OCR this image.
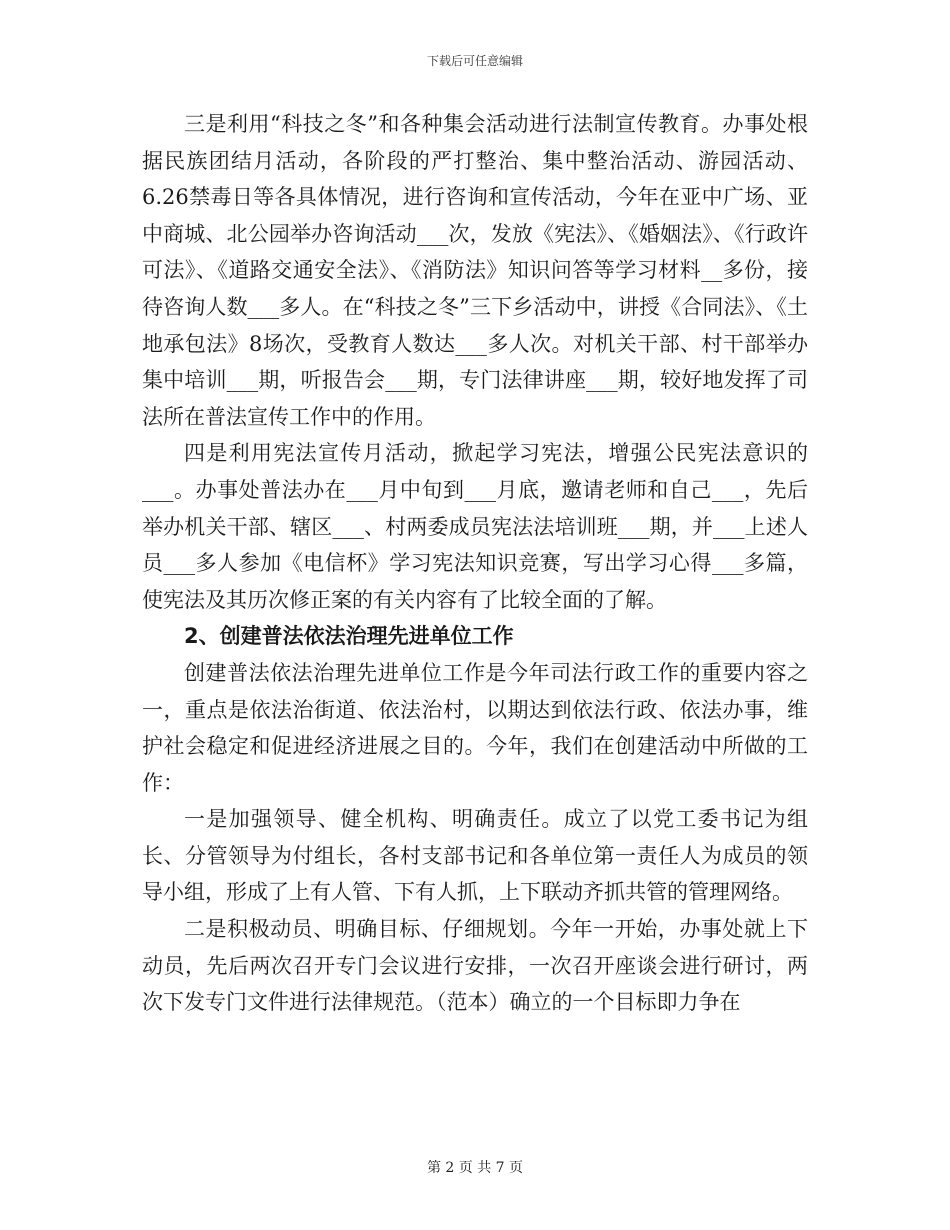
下载后可任意编辑

三是利用“科技之冬”和各种集会活动进行法制宣传教育。办事处根据民族团结月活动，各阶段的严打整治、集中整治活动、游园活动、6.26禁毒日等各具体情况，进行咨询和宣传活动，今年在亚中广场、亚中商城、北公园举办咨询活动___次，发放《宪法》、《婚姻法》、《行政许可法》、《道路交通安全法》、《消防法》知识问答等学习材料__多份，接待咨询人数___多人。在“科技之冬”三下乡活动中，讲授《合同法》、《土地承包法》8场次，受教育人数达___多人次。对机关干部、村干部举办集中培训___期，听报告会___期，专门法律讲座___期，较好地发挥了司法所在普法宣传工作中的作用。

四是利用宪法宣传月活动，掀起学习宪法，增强公民宪法意识的___。办事处普法办在___月中旬到___月底，邀请老师和自己___，先后举办机关干部、辖区___、村两委成员宪法法培训班___期，并___上述人员___多人参加《电信杯》学习宪法知识竞赛，写出学习心得___多篇，使宪法及其历次修正案的有关内容有了比较全面的了解。

2、创建普法依法治理先进单位工作

创建普法依法治理先进单位工作是今年司法行政工作的重要内容之一，重点是依法治街道、依法治村，以期达到依法行政、依法办事，维护社会稳定和促进经济进展之目的。今年，我们在创建活动中所做的工作：

一是加强领导、健全机构、明确责任。成立了以党工委书记为组长、分管领导为付组长，各村支部书记和各单位第一责任人为成员的领导小组，形成了上有人管、下有人抓，上下联动齐抓共管的管理网络。

二是积极动员、明确目标、仔细规划。今年一开始，办事处就上下动员，先后两次召开专门会议进行安排，一次召开座谈会进行研讨，两次下发专门文件进行法律规范。（范本）确立的一个目标即力争在

第 2 页 共 7 页
